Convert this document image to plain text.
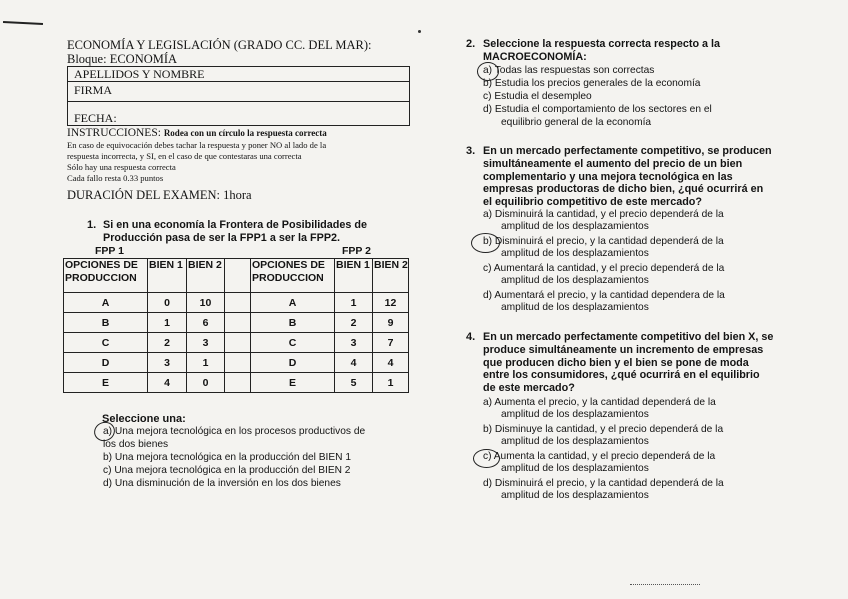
ECONOMÍA Y LEGISLACIÓN (GRADO CC. DEL MAR):
Bloque: ECONOMÍA
APELLIDOS Y NOMBRE
FIRMA
FECHA:
INSTRUCCIONES: Rodea con un círculo la respuesta correcta
En caso de equivocación debes tachar la respuesta y poner NO al lado de la
respuesta incorrecta, y SI, en el caso de que contestaras una correcta
Sólo hay una respuesta correcta
Cada fallo resta 0.33 puntos
DURACIÓN DEL EXAMEN: 1hora
1. Si en una economía la Frontera de Posibilidades de
Producción pasa de ser la FPP1 a ser la FPP2.
FPP 1	FPP 2
OPCIONES DE PRODUCCION	BIEN 1	BIEN 2		OPCIONES DE PRODUCCION	BIEN 1	BIEN 2
A	0	10		A	1	12
B	1	6		B	2	9
C	2	3		C	3	7
D	3	1		D	4	4
E	4	0		E	5	1
Seleccione una:
a) Una mejora tecnológica en los procesos productivos de
los dos bienes
b) Una mejora tecnológica en la producción del BIEN 1
c) Una mejora tecnológica en la producción del BIEN 2
d) Una disminución de la inversión en los dos bienes
2. Seleccione la respuesta correcta respecto a la
MACROECONOMÍA:
a) Todas las respuestas son correctas
b) Estudia los precios generales de la economía
c) Estudia el desempleo
d) Estudia el comportamiento de los sectores en el
equilibrio general de la economía
3. En un mercado perfectamente competitivo, se producen
simultáneamente el aumento del precio de un bien
complementario y una mejora tecnológica en las
empresas productoras de dicho bien, ¿qué ocurrirá en
el equilibrio competitivo de este mercado?
a) Disminuirá la cantidad, y el precio dependerá de la
amplitud de los desplazamientos
b) Disminuirá el precio, y la cantidad dependerá de la
amplitud de los desplazamientos
c) Aumentará la cantidad, y el precio dependerá de la
amplitud de los desplazamientos
d) Aumentará el precio, y la cantidad dependera de la
amplitud de los desplazamientos
4. En un mercado perfectamente competitivo del bien X, se
produce simultáneamente un incremento de empresas
que producen dicho bien y el bien se pone de moda
entre los consumidores, ¿qué ocurrirá en el equilibrio
de este mercado?
a) Aumenta el precio, y la cantidad dependerá de la
amplitud de los desplazamientos
b) Disminuye la cantidad, y el precio dependerá de la
amplitud de los desplazamientos
c) Aumenta la cantidad, y el precio dependerá de la
amplitud de los desplazamientos
d) Disminuirá el precio, y la cantidad dependerá de la
amplitud de los desplazamientos
